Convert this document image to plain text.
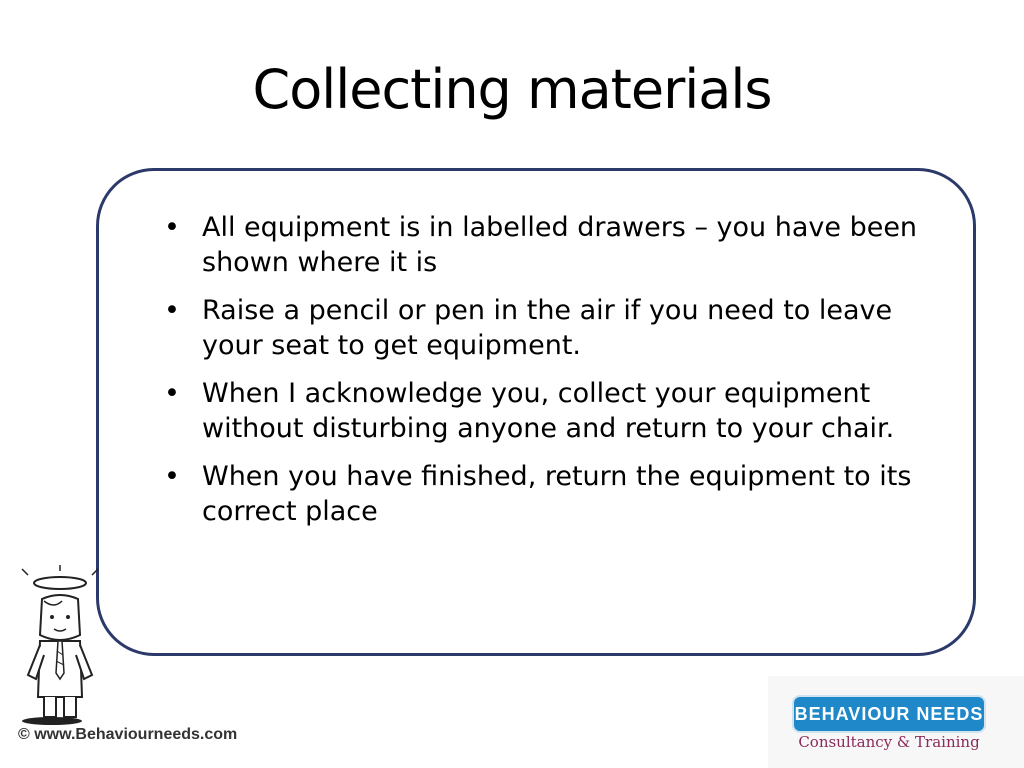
Collecting materials
• All equipment is in labelled drawers – you have been shown where it is
• Raise a pencil or pen in the air if you need to leave your seat to get equipment.
• When I acknowledge you, collect your equipment without disturbing anyone and return to your chair.
• When you have finished, return the equipment to its correct place
© www.Behaviourneeds.com
BEHAVIOUR NEEDS
Consultancy & Training
